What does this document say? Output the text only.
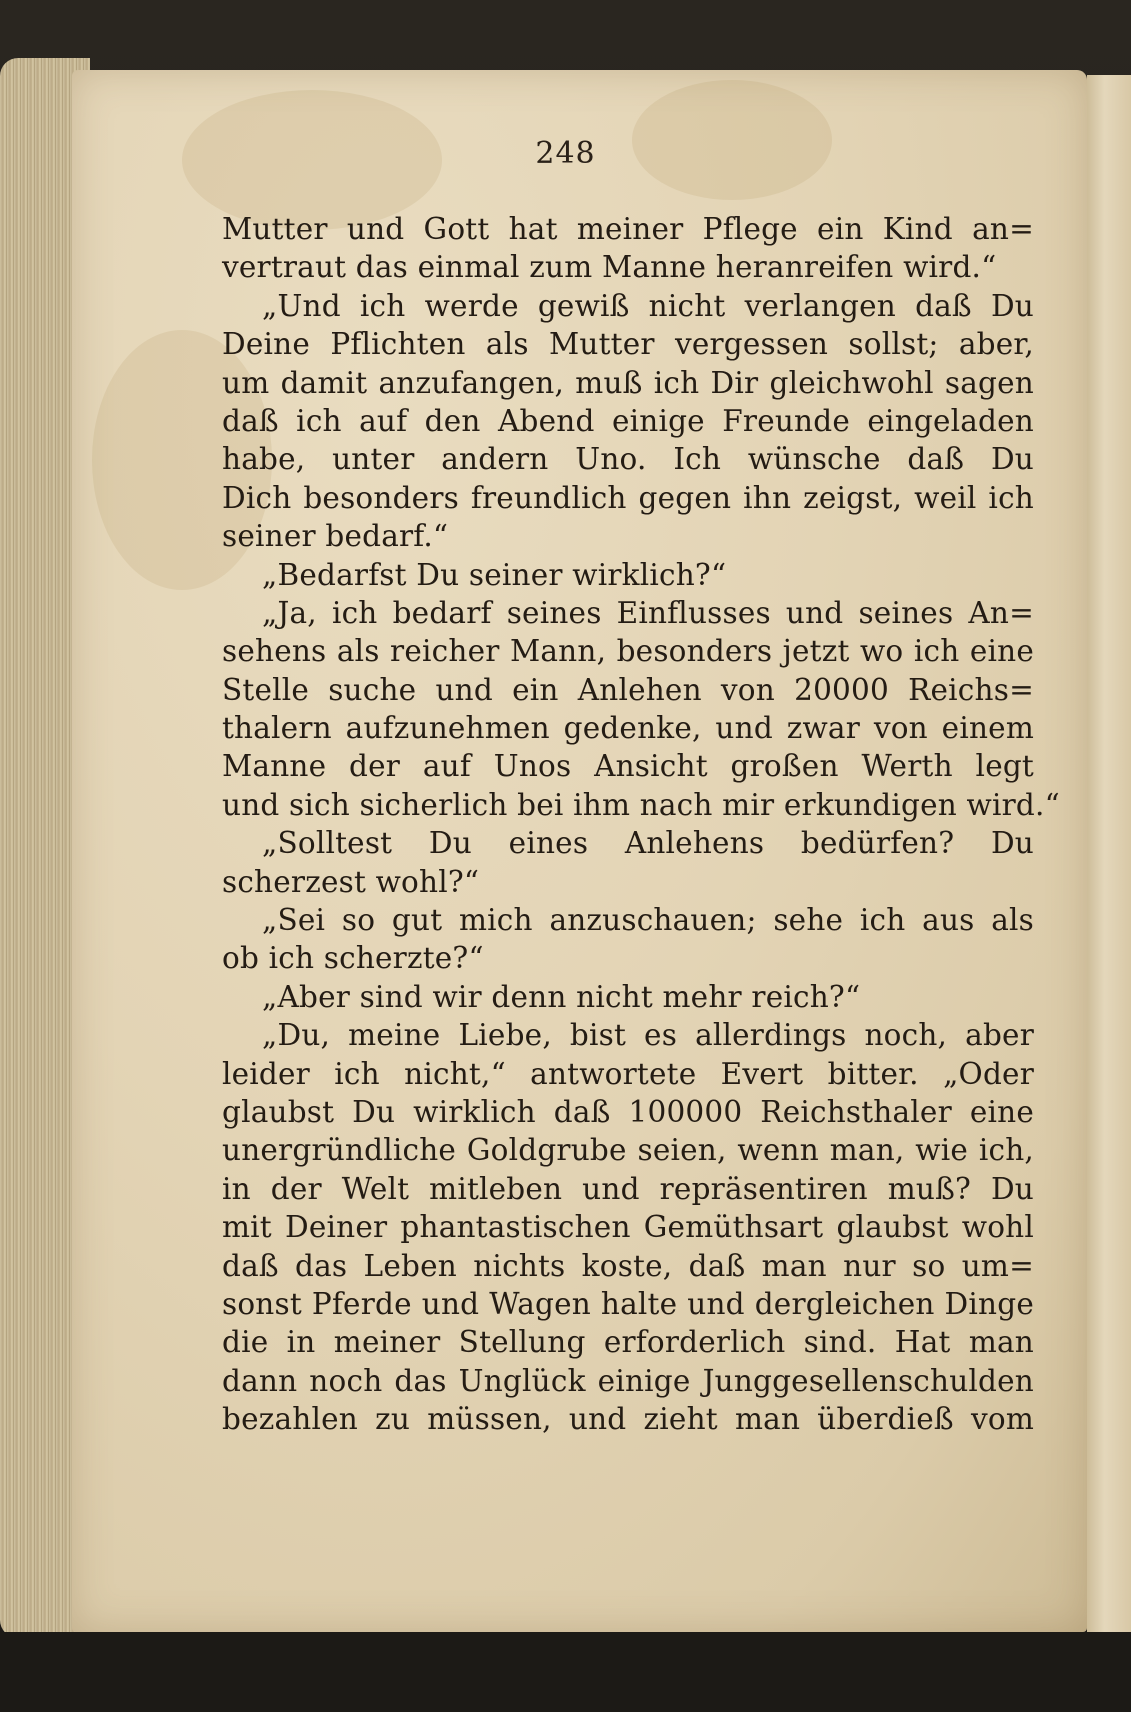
248
Mutter und Gott hat meiner Pflege ein Kind an=
vertraut das einmal zum Manne heranreifen wird.“
„Und ich werde gewiß nicht verlangen daß Du
Deine Pflichten als Mutter vergessen sollst; aber,
um damit anzufangen, muß ich Dir gleichwohl sagen
daß ich auf den Abend einige Freunde eingeladen
habe, unter andern Uno. Ich wünsche daß Du
Dich besonders freundlich gegen ihn zeigst, weil ich
seiner bedarf.“
„Bedarfst Du seiner wirklich?“
„Ja, ich bedarf seines Einflusses und seines An=
sehens als reicher Mann, besonders jetzt wo ich eine
Stelle suche und ein Anlehen von 20000 Reichs=
thalern aufzunehmen gedenke, und zwar von einem
Manne der auf Unos Ansicht großen Werth legt
und sich sicherlich bei ihm nach mir erkundigen wird.“
„Solltest Du eines Anlehens bedürfen? Du
scherzest wohl?“
„Sei so gut mich anzuschauen; sehe ich aus als
ob ich scherzte?“
„Aber sind wir denn nicht mehr reich?“
„Du, meine Liebe, bist es allerdings noch, aber
leider ich nicht,“ antwortete Evert bitter. „Oder
glaubst Du wirklich daß 100000 Reichsthaler eine
unergründliche Goldgrube seien, wenn man, wie ich,
in der Welt mitleben und repräsentiren muß? Du
mit Deiner phantastischen Gemüthsart glaubst wohl
daß das Leben nichts koste, daß man nur so um=
sonst Pferde und Wagen halte und dergleichen Dinge
die in meiner Stellung erforderlich sind. Hat man
dann noch das Unglück einige Junggesellenschulden
bezahlen zu müssen, und zieht man überdieß vom
